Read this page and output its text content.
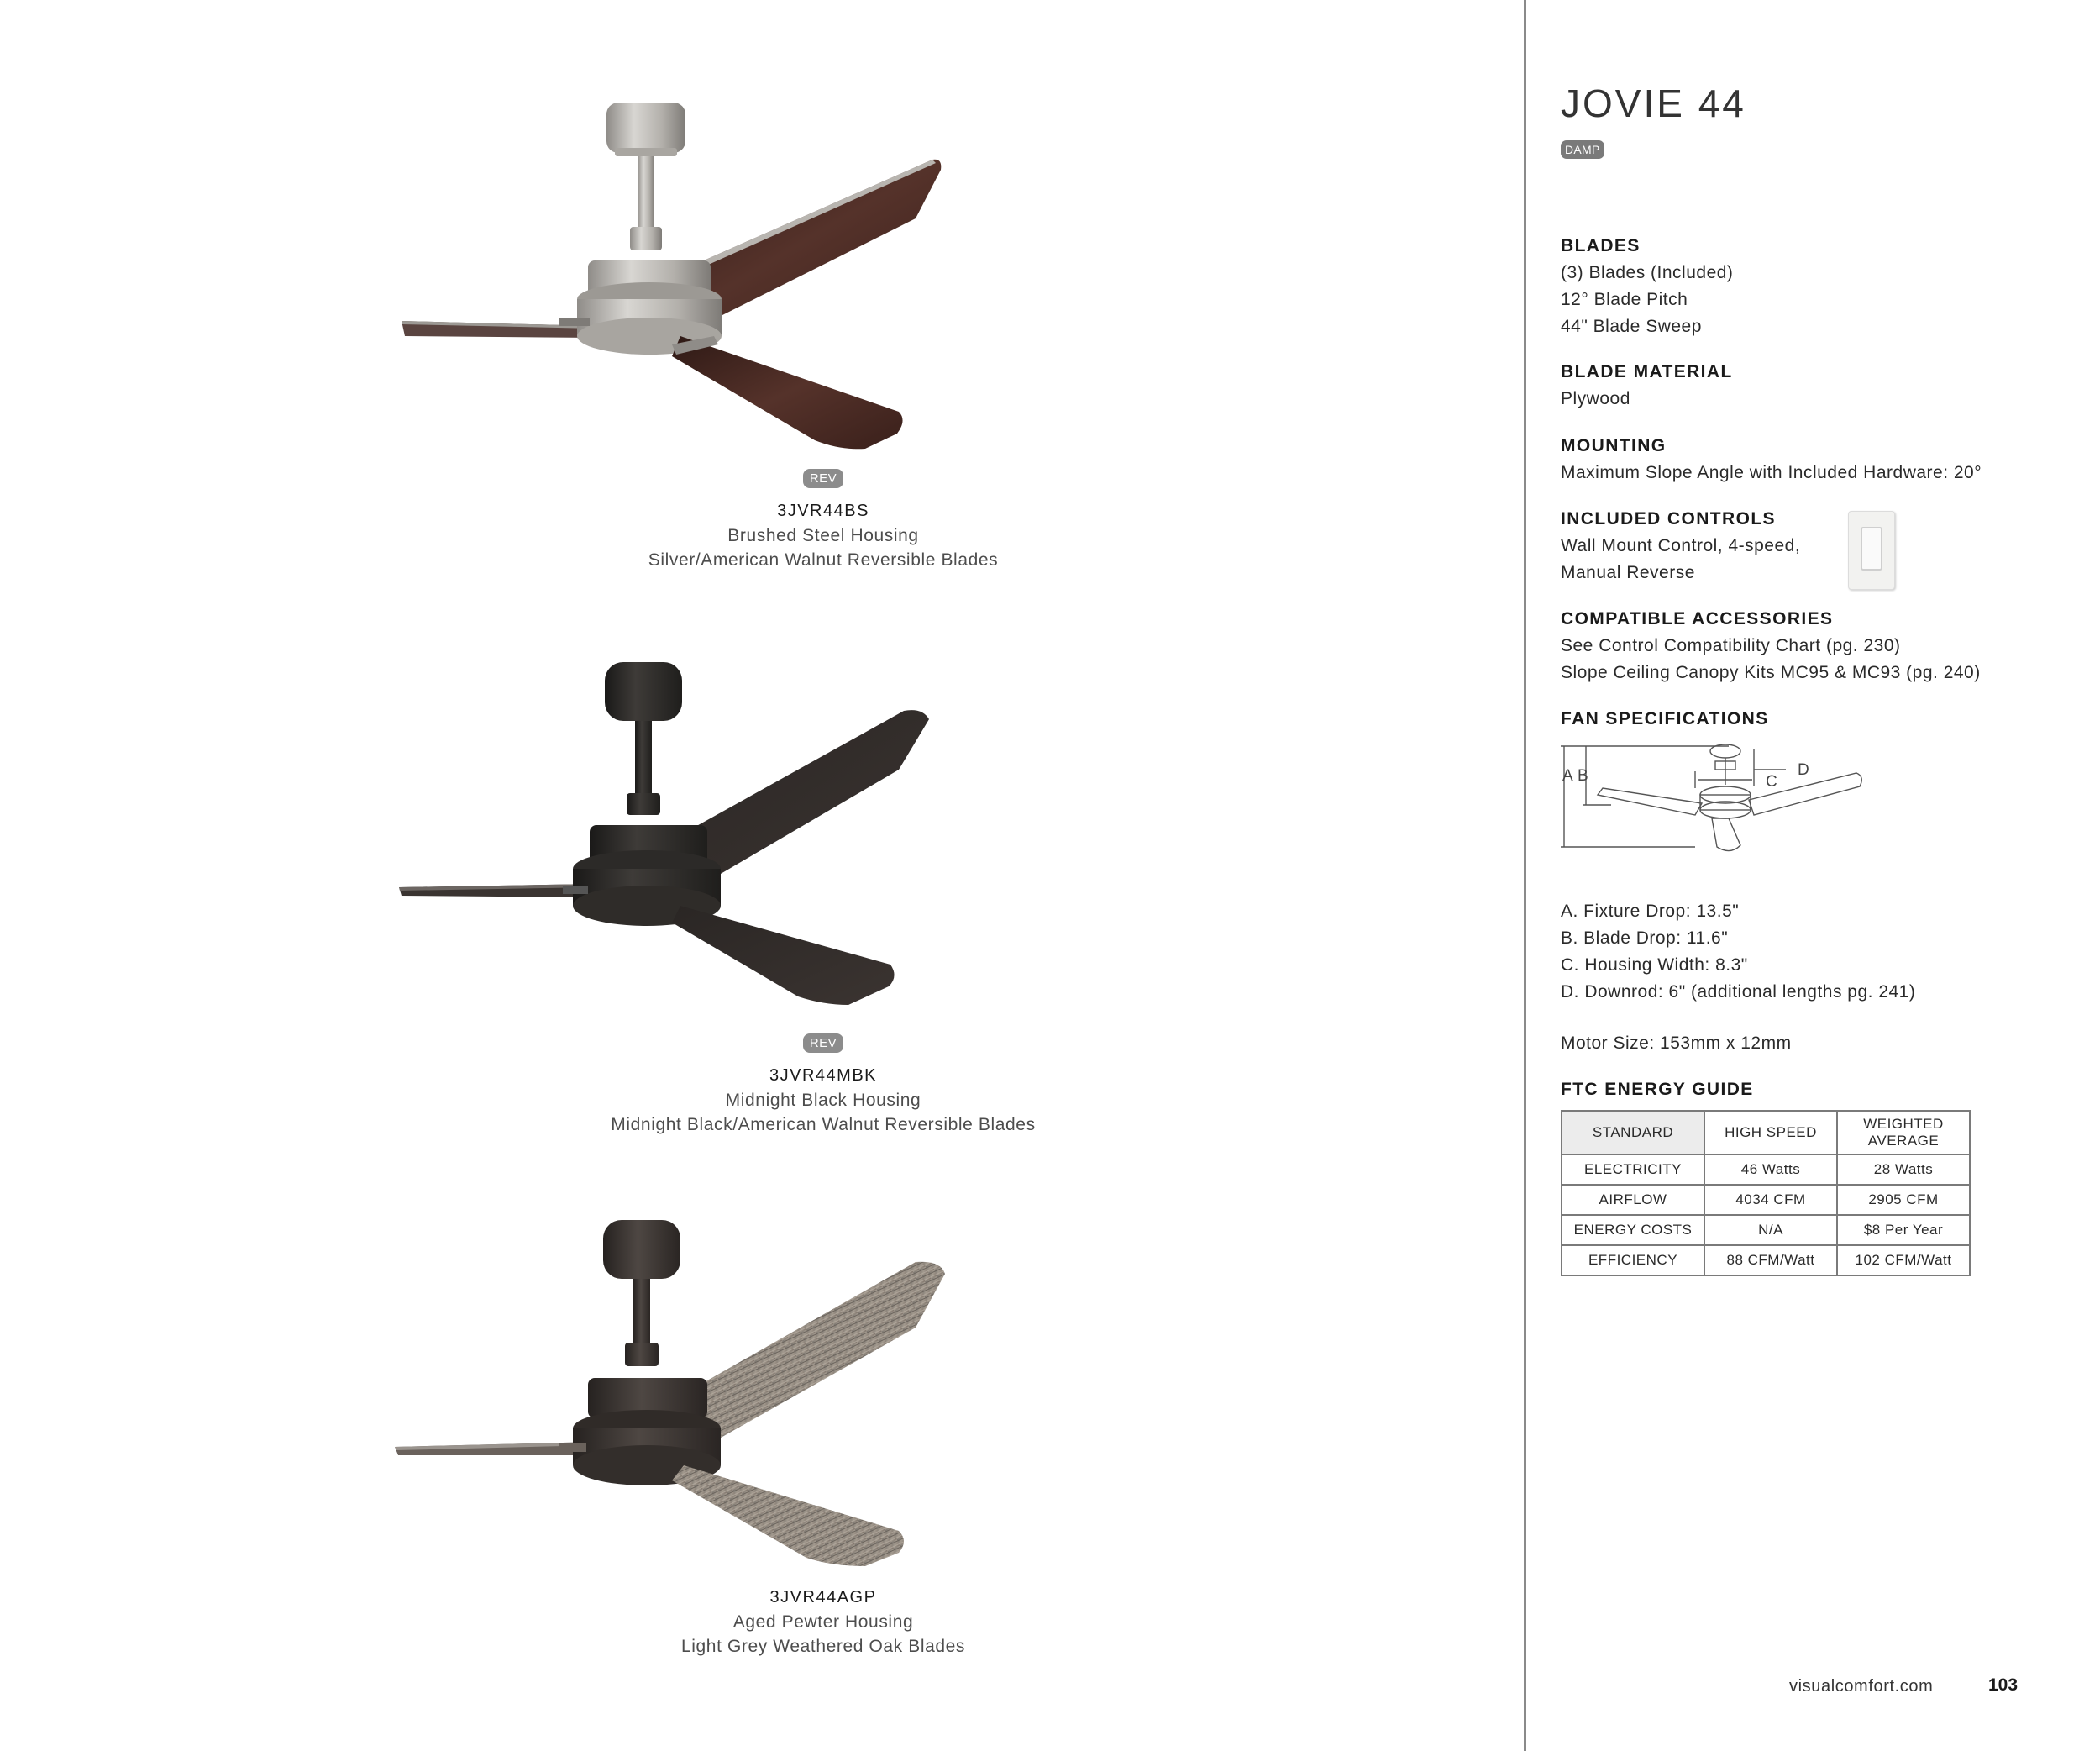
REV
3JVR44BS
Brushed Steel Housing
Silver/American Walnut Reversible Blades
REV
3JVR44MBK
Midnight Black Housing
Midnight Black/American Walnut Reversible Blades
3JVR44AGP
Aged Pewter Housing
Light Grey Weathered Oak Blades
JOVIE 44
DAMP
BLADES
(3) Blades (Included)
12° Blade Pitch
44" Blade Sweep
BLADE MATERIAL
Plywood
MOUNTING
Maximum Slope Angle with Included Hardware: 20°
INCLUDED CONTROLS
Wall Mount Control, 4-speed,
Manual Reverse
COMPATIBLE ACCESSORIES
See Control Compatibility Chart (pg. 230)
Slope Ceiling Canopy Kits MC95 & MC93 (pg. 240)
FAN SPECIFICATIONS
A B	C
D
A. Fixture Drop: 13.5"
B. Blade Drop: 11.6"
C. Housing Width: 8.3"
D. Downrod: 6" (additional lengths pg. 241)
Motor Size: 153mm x 12mm
FTC ENERGY GUIDE
STANDARD	HIGH SPEED	WEIGHTED AVERAGE
ELECTRICITY	46 Watts	28 Watts
AIRFLOW	4034 CFM	2905 CFM
ENERGY COSTS	N/A	$8 Per Year
EFFICIENCY	88 CFM/Watt	102 CFM/Watt
visualcomfort.com	103
